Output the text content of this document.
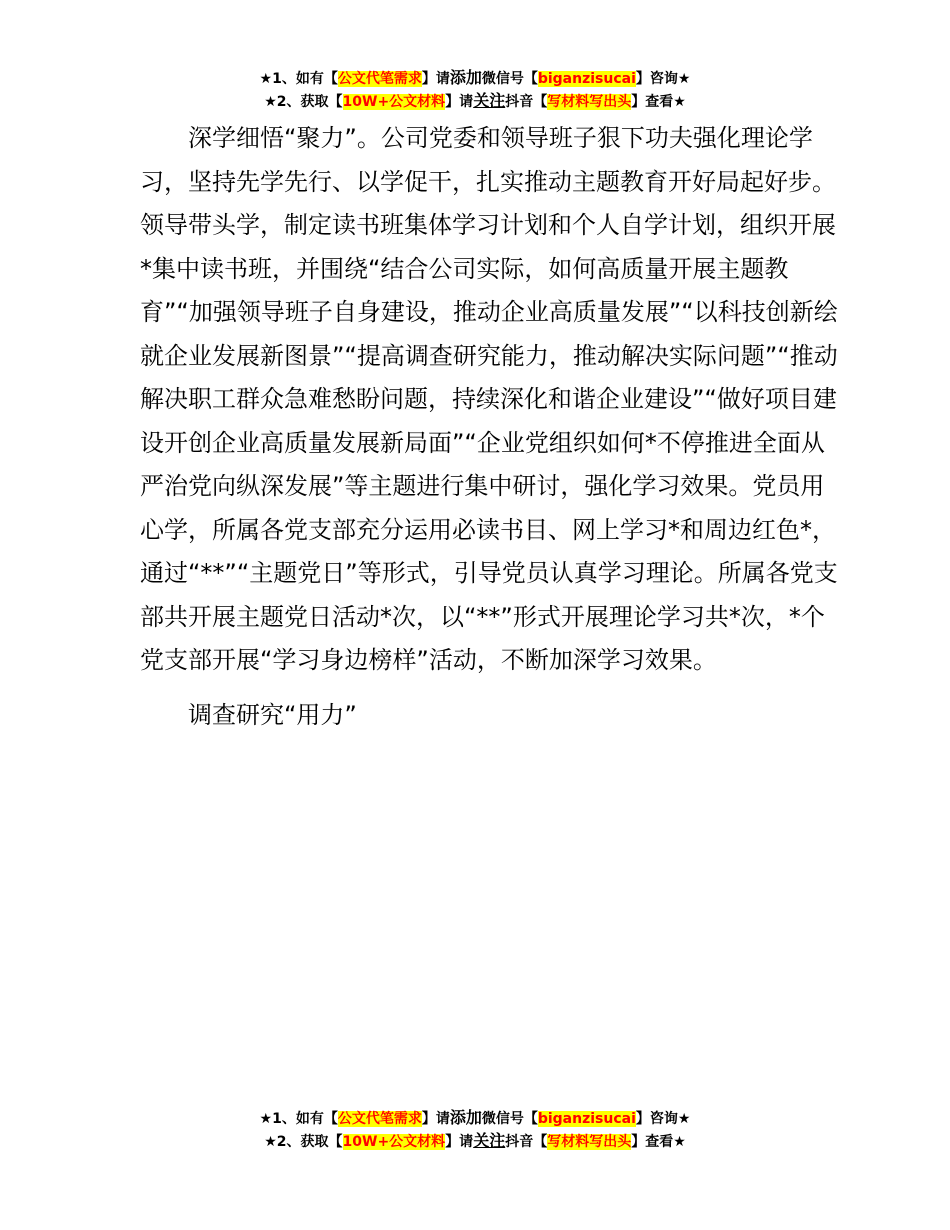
★1、如有【公文代笔需求】请添加微信号【biganzisucai】咨询★
★2、获取【10W+公文材料】请关注抖音【写材料写出头】查看★

深学细悟“聚力”。公司党委和领导班子狠下功夫强化理论学习，坚持先学先行、以学促干，扎实推动主题教育开好局起好步。领导带头学，制定读书班集体学习计划和个人自学计划，组织开展*集中读书班，并围绕“结合公司实际，如何高质量开展主题教育”“加强领导班子自身建设，推动企业高质量发展”“以科技创新绘就企业发展新图景”“提高调查研究能力，推动解决实际问题”“推动解决职工群众急难愁盼问题，持续深化和谐企业建设”“做好项目建设开创企业高质量发展新局面”“企业党组织如何*不停推进全面从严治党向纵深发展”等主题进行集中研讨，强化学习效果。党员用心学，所属各党支部充分运用必读书目、网上学习*和周边红色*，通过“**”“主题党日”等形式，引导党员认真学习理论。所属各党支部共开展主题党日活动*次，以“**”形式开展理论学习共*次，*个党支部开展“学习身边榜样”活动，不断加深学习效果。

调查研究“用力”

★1、如有【公文代笔需求】请添加微信号【biganzisucai】咨询★
★2、获取【10W+公文材料】请关注抖音【写材料写出头】查看★
